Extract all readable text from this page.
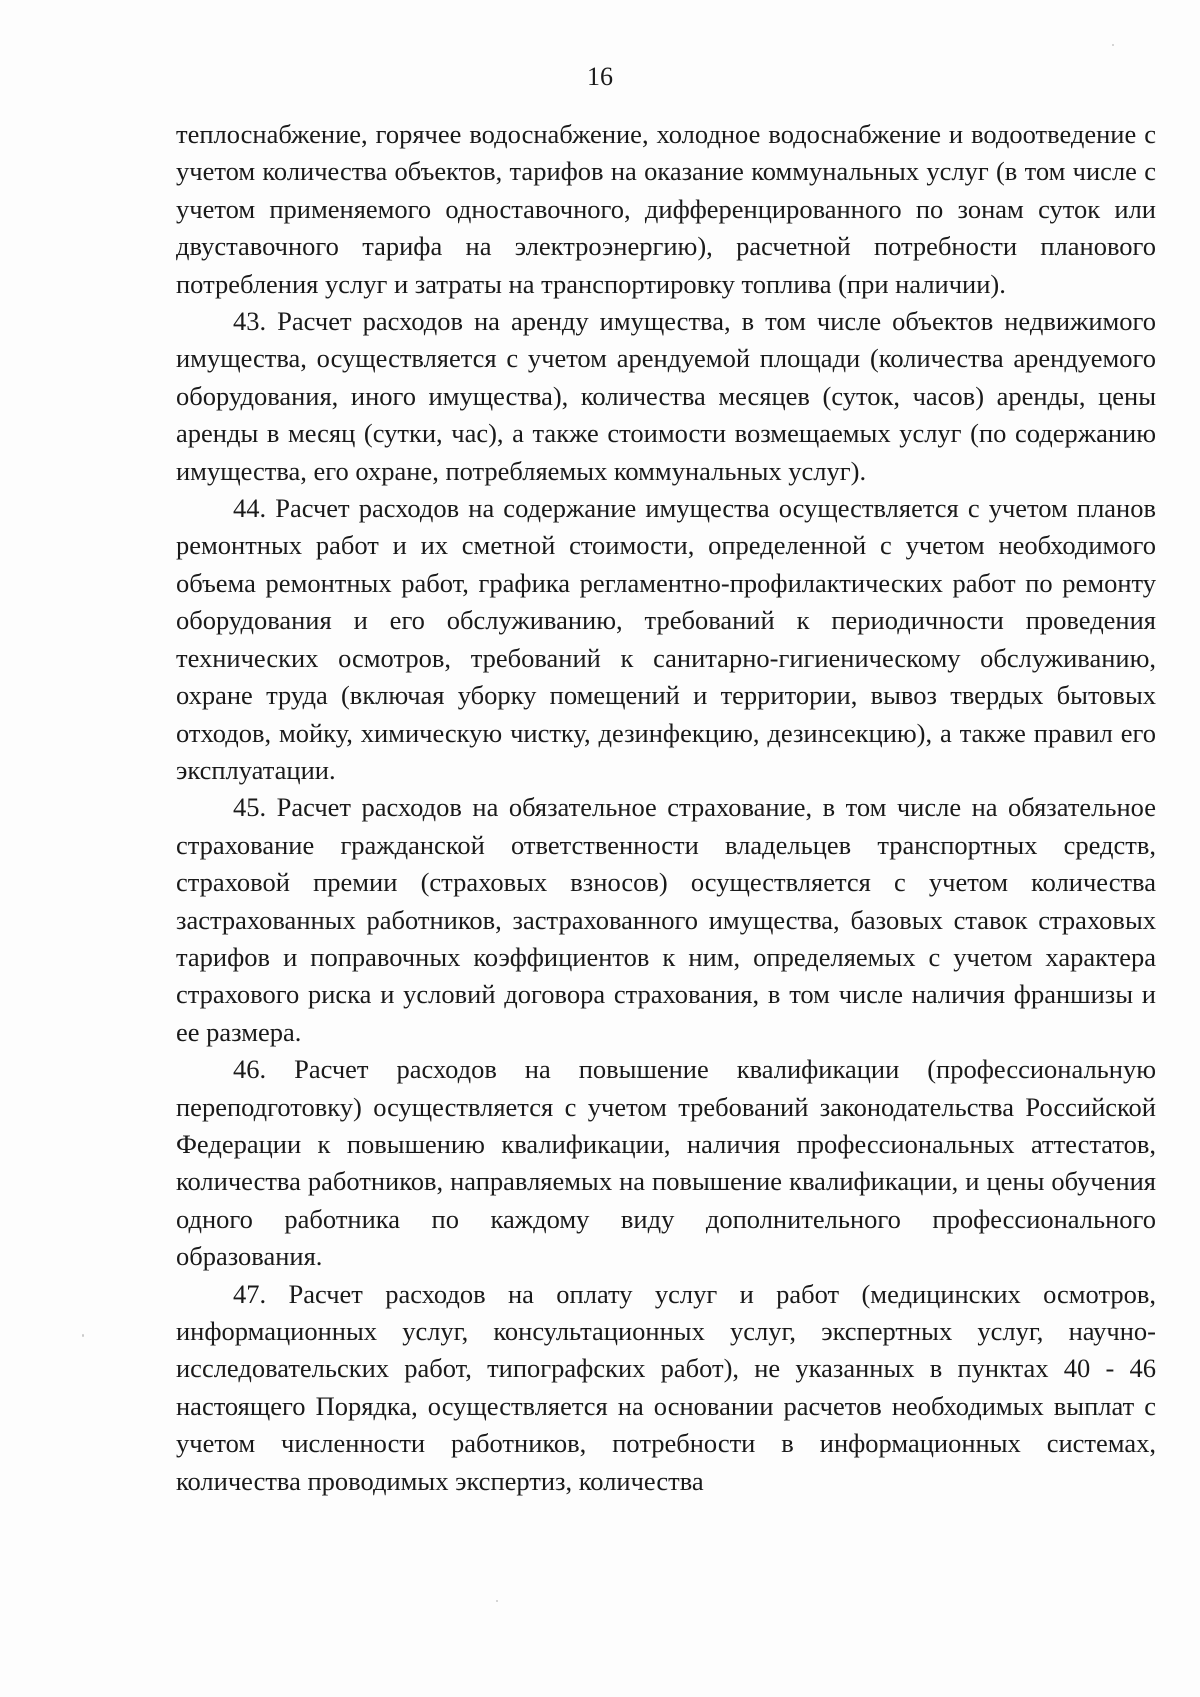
16

теплоснабжение, горячее водоснабжение, холодное водоснабжение и водоотведение с учетом количества объектов, тарифов на оказание коммунальных услуг (в том числе с учетом применяемого одноставочного, дифференцированного по зонам суток или двуставочного тарифа на электроэнергию), расчетной потребности планового потребления услуг и затраты на транспортировку топлива (при наличии).

43. Расчет расходов на аренду имущества, в том числе объектов недвижимого имущества, осуществляется с учетом арендуемой площади (количества арендуемого оборудования, иного имущества), количества месяцев (суток, часов) аренды, цены аренды в месяц (сутки, час), а также стоимости возмещаемых услуг (по содержанию имущества, его охране, потребляемых коммунальных услуг).

44. Расчет расходов на содержание имущества осуществляется с учетом планов ремонтных работ и их сметной стоимости, определенной с учетом необходимого объема ремонтных работ, графика регламентно-профилактических работ по ремонту оборудования и его обслуживанию, требований к периодичности проведения технических осмотров, требований к санитарно-гигиеническому обслуживанию, охране труда (включая уборку помещений и территории, вывоз твердых бытовых отходов, мойку, химическую чистку, дезинфекцию, дезинсекцию), а также правил его эксплуатации.

45. Расчет расходов на обязательное страхование, в том числе на обязательное страхование гражданской ответственности владельцев транспортных средств, страховой премии (страховых взносов) осуществляется с учетом количества застрахованных работников, застрахованного имущества, базовых ставок страховых тарифов и поправочных коэффициентов к ним, определяемых с учетом характера страхового риска и условий договора страхования, в том числе наличия франшизы и ее размера.

46. Расчет расходов на повышение квалификации (профессиональную переподготовку) осуществляется с учетом требований законодательства Российской Федерации к повышению квалификации, наличия профессиональных аттестатов, количества работников, направляемых на повышение квалификации, и цены обучения одного работника по каждому виду дополнительного профессионального образования.

47. Расчет расходов на оплату услуг и работ (медицинских осмотров, информационных услуг, консультационных услуг, экспертных услуг, научно-исследовательских работ, типографских работ), не указанных в пунктах 40 - 46 настоящего Порядка, осуществляется на основании расчетов необходимых выплат с учетом численности работников, потребности в информационных системах, количества проводимых экспертиз, количества
